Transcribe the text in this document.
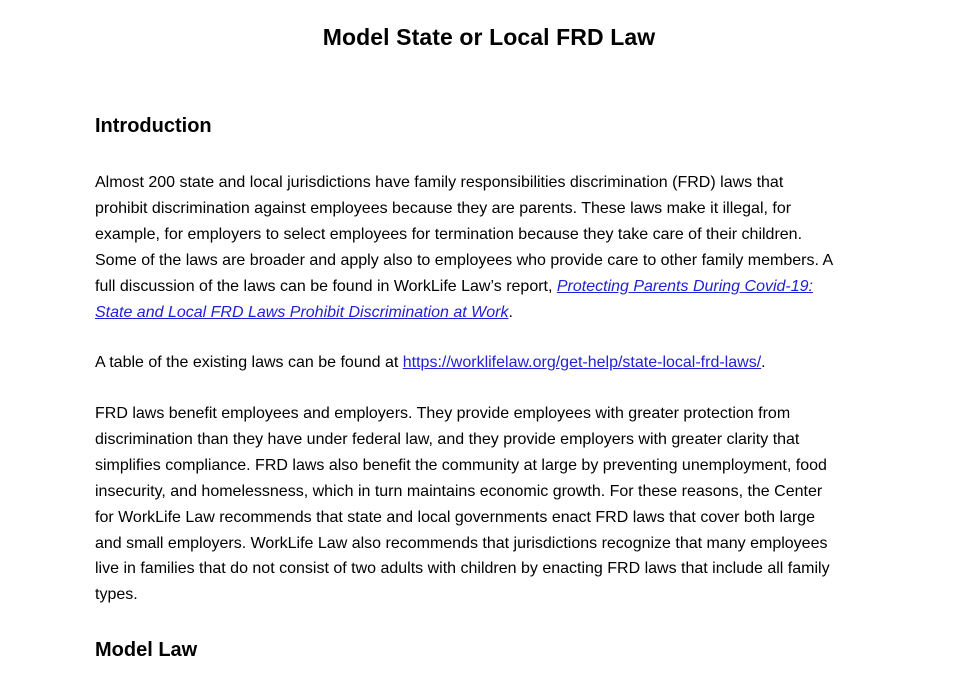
Model State or Local FRD Law
Introduction

Almost 200 state and local jurisdictions have family responsibilities discrimination (FRD) laws that
prohibit discrimination against employees because they are parents. These laws make it illegal, for
example, for employers to select employees for termination because they take care of their children.
Some of the laws are broader and apply also to employees who provide care to other family members. A
full discussion of the laws can be found in WorkLife Law’s report, Protecting Parents During Covid-19:
State and Local FRD Laws Prohibit Discrimination at Work.

A table of the existing laws can be found at https://worklifelaw.org/get-help/state-local-frd-laws/.

FRD laws benefit employees and employers. They provide employees with greater protection from
discrimination than they have under federal law, and they provide employers with greater clarity that
simplifies compliance. FRD laws also benefit the community at large by preventing unemployment, food
insecurity, and homelessness, which in turn maintains economic growth. For these reasons, the Center
for WorkLife Law recommends that state and local governments enact FRD laws that cover both large
and small employers. WorkLife Law also recommends that jurisdictions recognize that many employees
live in families that do not consist of two adults with children by enacting FRD laws that include all family
types.

Model Law
